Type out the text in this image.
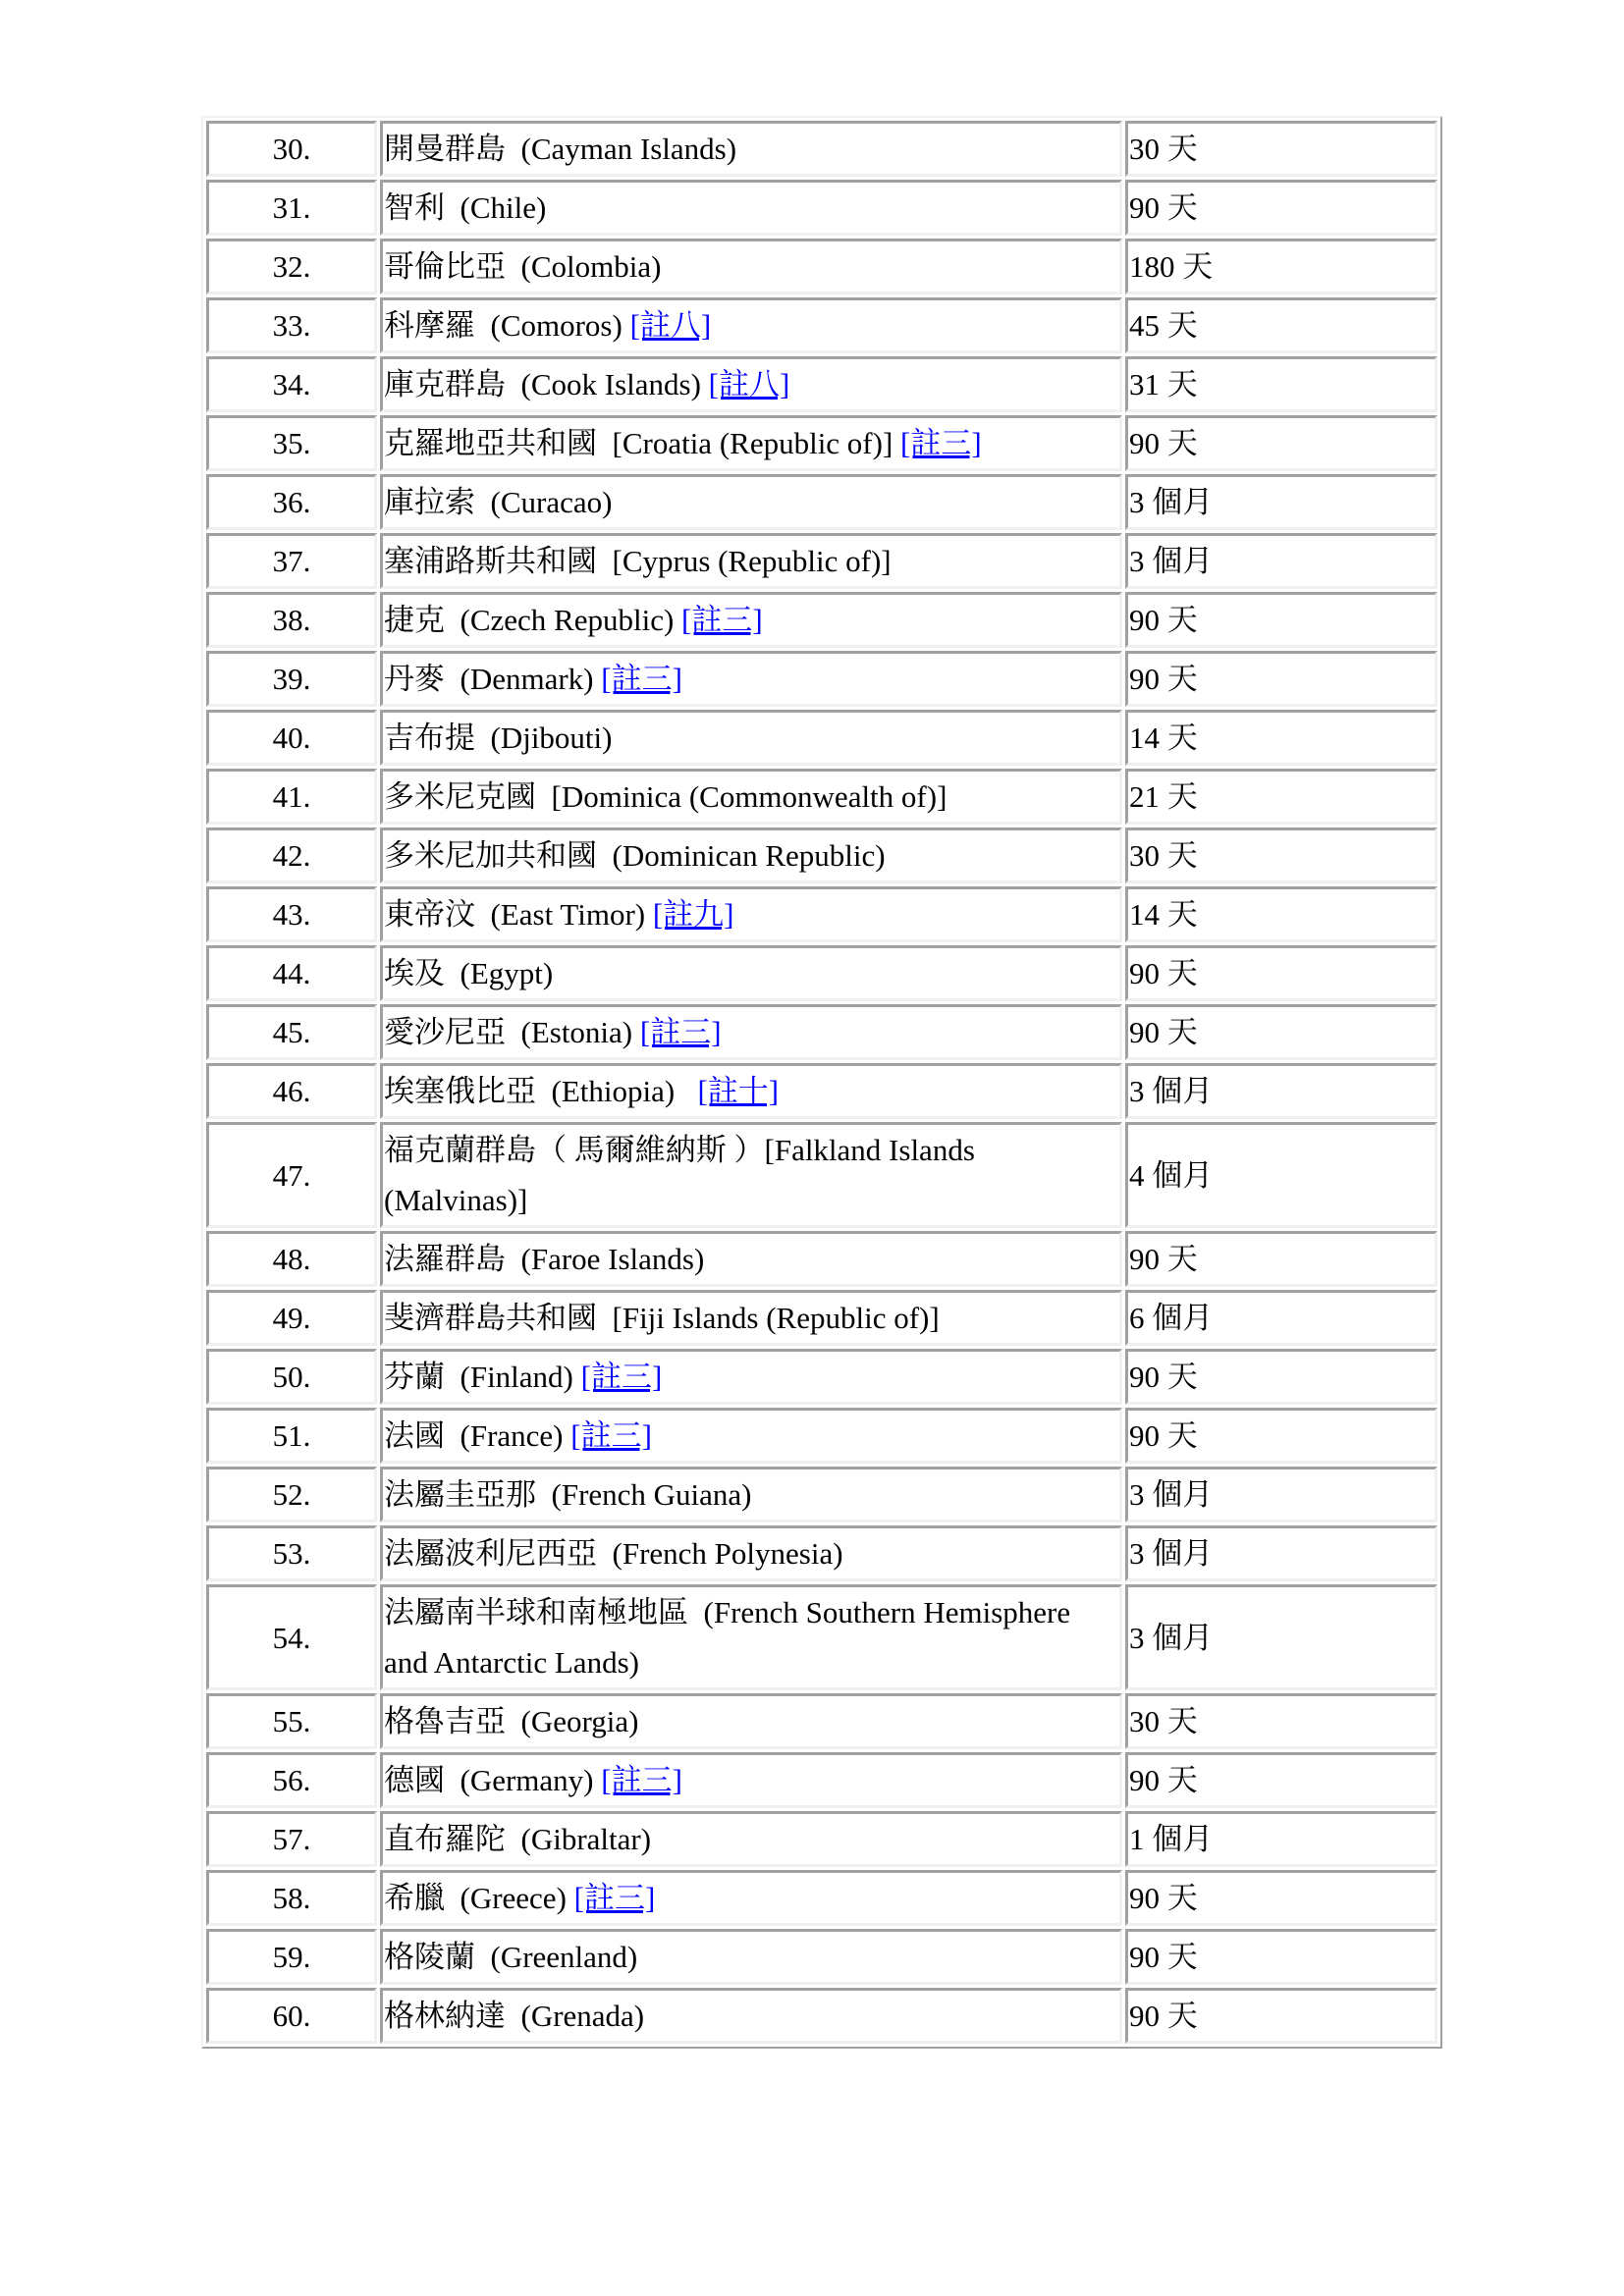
30.	開曼群島  (Cayman Islands)	30 天
31.	智利  (Chile)	90 天
32.	哥倫比亞  (Colombia)	180 天
33.	科摩羅  (Comoros) [註八]	45 天
34.	庫克群島  (Cook Islands) [註八]	31 天
35.	克羅地亞共和國  [Croatia (Republic of)] [註三]	90 天
36.	庫拉索  (Curacao)	3 個月
37.	塞浦路斯共和國  [Cyprus (Republic of)]	3 個月
38.	捷克  (Czech Republic) [註三]	90 天
39.	丹麥  (Denmark) [註三]	90 天
40.	吉布提  (Djibouti)	14 天
41.	多米尼克國  [Dominica (Commonwealth of)]	21 天
42.	多米尼加共和國  (Dominican Republic)	30 天
43.	東帝汶  (East Timor) [註九]	14 天
44.	埃及  (Egypt)	90 天
45.	愛沙尼亞  (Estonia) [註三]	90 天
46.	埃塞俄比亞  (Ethiopia)   [註十]	3 個月
47.	福克蘭群島（ 馬爾維納斯 ）[Falkland Islands (Malvinas)]	4 個月
48.	法羅群島  (Faroe Islands)	90 天
49.	斐濟群島共和國  [Fiji Islands (Republic of)]	6 個月
50.	芬蘭  (Finland) [註三]	90 天
51.	法國  (France) [註三]	90 天
52.	法屬圭亞那  (French Guiana)	3 個月
53.	法屬波利尼西亞  (French Polynesia)	3 個月
54.	法屬南半球和南極地區  (French Southern Hemisphere and Antarctic Lands)	3 個月
55.	格魯吉亞  (Georgia)	30 天
56.	德國  (Germany) [註三]	90 天
57.	直布羅陀  (Gibraltar)	1 個月
58.	希臘  (Greece) [註三]	90 天
59.	格陵蘭  (Greenland)	90 天
60.	格林納達  (Grenada)	90 天
